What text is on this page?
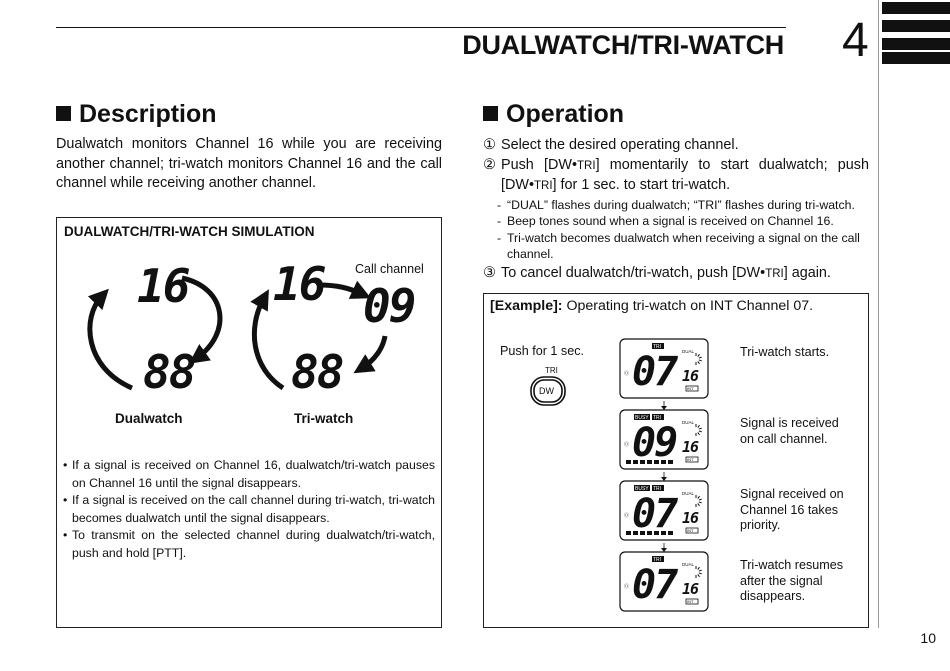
4
DUALWATCH/TRI-WATCH
Description
Dualwatch monitors Channel 16 while you are receiving another channel; tri-watch monitors Channel 16 and the call channel while receiving another channel.
DUALWATCH/TRI-WATCH SIMULATION
16
88
16 09
88
Call channel
Dualwatch	Tri-watch
• If a signal is received on Channel 16, dualwatch/tri-watch pauses on Channel 16 until the signal disappears.
• If a signal is received on the call channel during tri-watch, tri-watch becomes dualwatch until the signal disappears.
• To transmit on the selected channel during dualwatch/tri-watch, push and hold [PTT].
Operation
① Select the desired operating channel.
② Push [DW•TRI] momentarily to start dualwatch; push [DW•TRI] for 1 sec. to start tri-watch.
- “DUAL” flashes during dualwatch; “TRI” flashes during tri-watch.
- Beep tones sound when a signal is received on Channel 16.
- Tri-watch becomes dualwatch when receiving a signal on the call channel.
③ To cancel dualwatch/tri-watch, push [DW•TRI] again.
[Example]: Operating tri-watch on INT Channel 07.
Push for 1 sec.
TRI
DW
TRI
⓪ 07	DUAL
16
INT
BUSY TRI
⓪ 09 DUAL
16
INT
BUSY TRI
⓪ 07	DUAL
16
INT
TRI
⓪ 07	DUAL
16
INT
Tri-watch starts.
Signal is received on call channel.
Signal received on Channel 16 takes priority.
Tri-watch resumes after the signal disappears.
10
